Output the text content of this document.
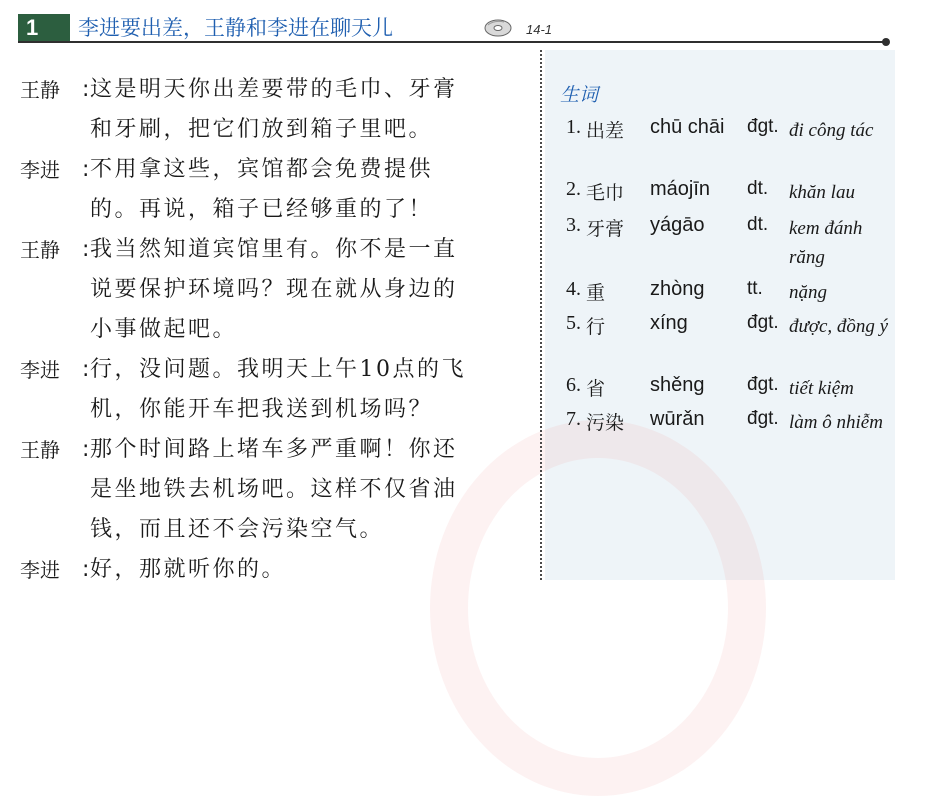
1 李进要出差，王静和李进在聊天儿	14-1
王静	: 这是明天你出差要带的毛巾、牙膏
和牙刷，把它们放到箱子里吧。
李进	: 不用拿这些，宾馆都会免费提供
的。再说，箱子已经够重的了！
王静	: 我当然知道宾馆里有。你不是一直
说要保护环境吗？现在就从身边的
小事做起吧。
李进	: 行，没问题。我明天上午10点的飞
机，你能开车把我送到机场吗？
王静	: 那个时间路上堵车多严重啊！你还
是坐地铁去机场吧。这样不仅省油
钱，而且还不会污染空气。
李进	: 好，那就听你的。
生词
1. 出差 chū chāi đgt. đi công tác
2. 毛巾 máojīn dt. khăn lau
3. 牙膏 yágāo dt. kem đánh răng
4. 重 zhòng tt. nặng
5. 行 xíng	đgt. được, đồng ý
6. 省 shěng đgt. tiết kiệm
7. 污染 wūrǎn đgt. làm ô nhiễm
